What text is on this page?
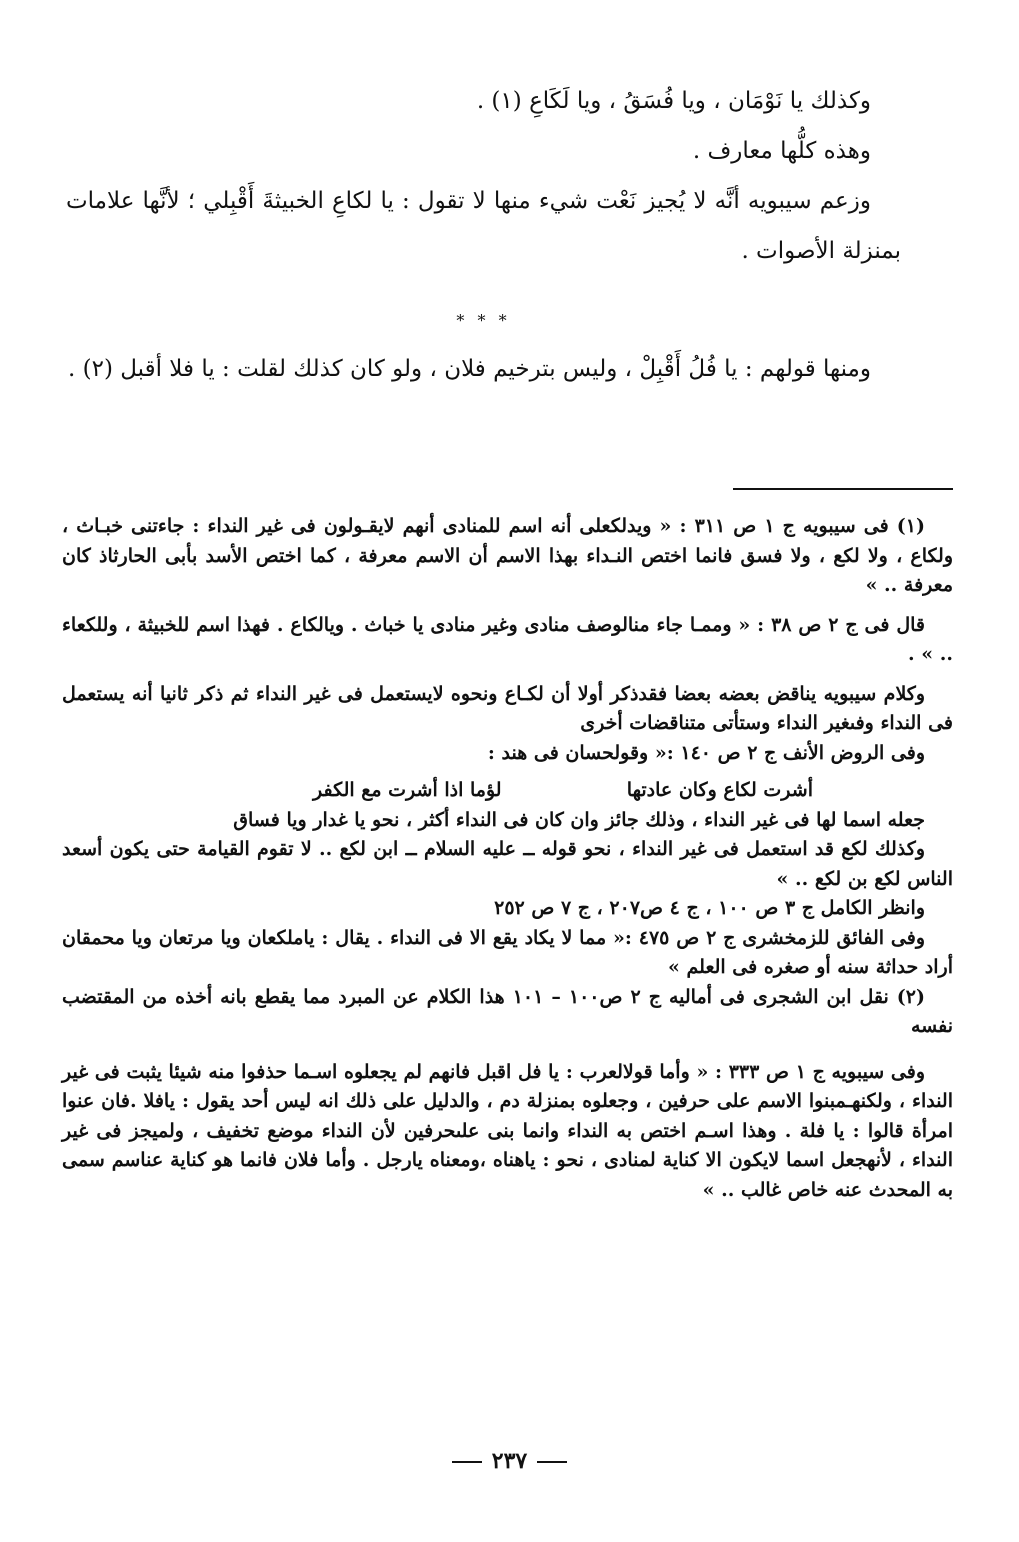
وكذلك يا نَوْمَان ، ويا فُسَقُ ، ويا لَكَاعِ (١) .

وهذه كلُّها معارف .

وزعم سيبويه أنَّه لا يُجيز نَعْت شيء منها لا تقول : يا لكاعِ الخبيثةَ أَقْبِلي ؛ لأنَّها علامات بمنزلة الأصوات .

* * *

ومنها قولهم : يا فُلُ أَقْبِلْ ، وليس بترخيم فلان ، ولو كان كذلك لقلت : يا فلا أقبل (٢) .

(١) فى سيبويه ج ١ ص ٣١١ : « ويدلكعلى أنه اسم للمنادى أنهم لايقـولون فى غير النداء : جاءتنى خبـاث ، ولكاع ، ولا لكع ، ولا فسق فانما اختص النـداء بهذا الاسم أن الاسم معرفة ، كما اختص الأسد بأبى الحارثاذ كان معرفة .. »

قال فى ج ٢ ص ٣٨ : « وممـا جاء منالوصف منادى وغير منادى يا خباث . ويالكاع . فهذا اسم للخبيثة ، وللكعاء .. » .

وكلام سيبويه يناقض بعضه بعضا فقدذكر أولا أن لكـاع ونحوه لايستعمل فى غير النداء ثم ذكر ثانيا أنه يستعمل فى النداء وفىغير النداء وستأتى متناقضات أخرى

وفى الروض الأنف ج ٢ ص ١٤٠ :« وقولحسان فى هند :

أشرت لكاع وكان عادتها
لؤما اذا أشرت مع الكفر

جعله اسما لها فى غير النداء ، وذلك جائز وان كان فى النداء أكثر ، نحو يا غدار ويا فساق

وكذلك لكع قد استعمل فى غير النداء ، نحو قوله ــ عليه السلام ــ ابن لكع .. لا تقوم القيامة حتى يكون أسعد الناس لكع بن لكع .. »

وانظر الكامل ج ٣ ص ١٠٠ ، ج ٤ ص٢٠٧ ، ج ٧ ص ٢٥٢

وفى الفائق للزمخشرى ج ٢ ص ٤٧٥ :« مما لا يكاد يقع الا فى النداء . يقال : ياملكعان ويا مرتعان ويا محمقان أراد حداثة سنه أو صغره فى العلم »

(٢) نقل ابن الشجرى فى أماليه ج ٢ ص١٠٠ – ١٠١ هذا الكلام عن المبرد مما يقطع بانه أخذه من المقتضب نفسه

وفى سيبويه ج ١ ص ٣٣٣ : « وأما قولالعرب : يا فل اقبل فانهم لم يجعلوه اسـما حذفوا منه شيئا يثبت فى غير النداء ، ولكنهـمبنوا الاسم على حرفين ، وجعلوه بمنزلة دم ، والدليل على ذلك انه ليس أحد يقول : يافلا .فان عنوا امرأة قالوا : يا فلة . وهذا اسـم اختص به النداء وانما بنى علىحرفين لأن النداء موضع تخفيف ، ولميجز فى غير النداء ، لأنهجعل اسما لايكون الا كناية لمنادى ، نحو : ياهناه ،ومعناه يارجل . وأما فلان فانما هو كناية عناسم سمى به المحدث عنه خاص غالب .. »

٢٣٧
